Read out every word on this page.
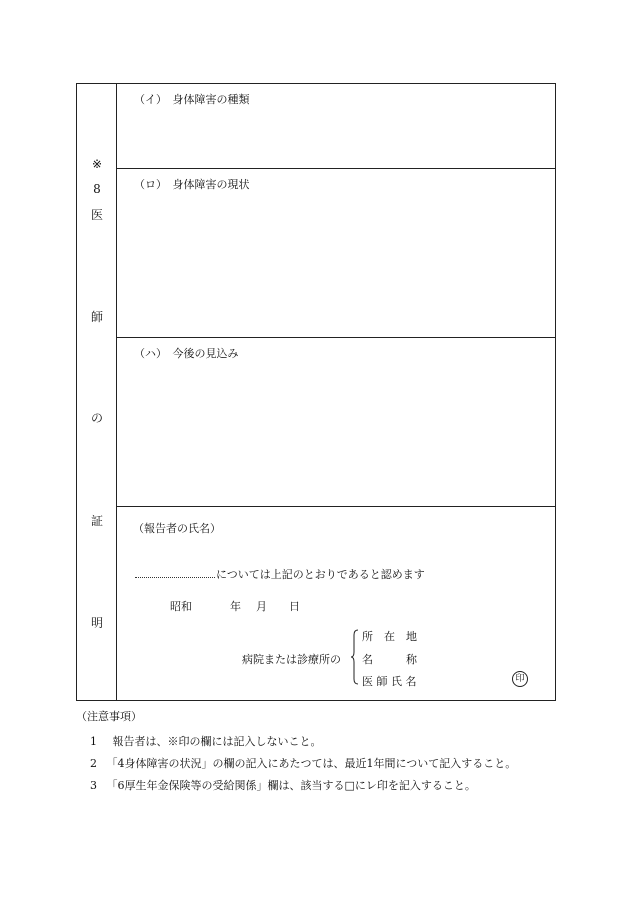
※
8
医
師
の
証
明
（イ）　身体障害の種類
（ロ）　身体障害の現状
（ハ）　今後の見込み
（報告者の氏名）
については上記のとおりであると認めます
昭和	年 月 日
病院または診療所の
所　在　地
名　　　称
医 師 氏 名	印
（注意事項）
1 報告者は、※印の欄には記入しないこと。
2 「4身体障害の状況」の欄の記入にあたつては、最近1年間について記入すること。
3 「6厚生年金保険等の受給関係」欄は、該当する□にレ印を記入すること。
